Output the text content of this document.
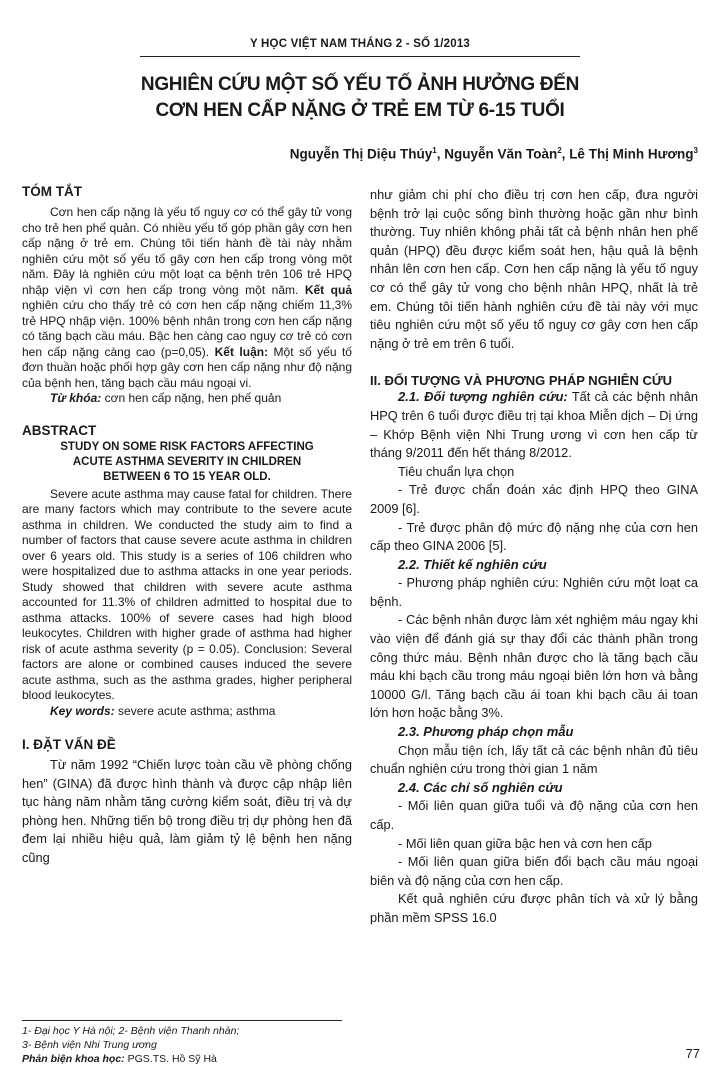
Y HỌC VIỆT NAM THÁNG 2 - SỐ 1/2013
NGHIÊN CỨU MỘT SỐ YẾU TỐ ẢNH HƯỞNG ĐẾN
CƠN HEN CẤP NẶNG Ở TRẺ EM TỪ 6-15 TUỔI
Nguyễn Thị Diệu Thúy$^1$, Nguyễn Văn Toàn$^2$, Lê Thị Minh Hương$^3$

TÓM TẮT

Cơn hen cấp nặng là yếu tố nguy cơ có thể gây tử vong cho trẻ hen phế quản. Có nhiều yếu tố góp phần gây cơn hen cấp nặng ở trẻ em. Chúng tôi tiến hành đề tài này nhằm nghiên cứu một số yếu tố gây cơn hen cấp trong vòng một năm. Đây là nghiên cứu một loạt ca bệnh trên 106 trẻ HPQ nhập viện vì cơn hen cấp trong vòng một năm. Kết quả nghiên cứu cho thấy trẻ có cơn hen cấp nặng chiếm 11,3% trẻ HPQ nhập viện. 100% bệnh nhân trong cơn hen cấp nặng có tăng bạch cầu máu. Bậc hen càng cao nguy cơ trẻ có cơn hen cấp nặng càng cao (p=0,05). Kết luận: Một số yếu tố đơn thuần hoặc phối hợp gây cơn hen cấp nặng như độ nặng của bệnh hen, tăng bạch cầu máu ngoại vi.

Từ khóa: cơn hen cấp nặng, hen phế quản

ABSTRACT

STUDY ON SOME RISK FACTORS AFFECTING
ACUTE ASTHMA SEVERITY IN CHILDREN
BETWEEN 6 TO 15 YEAR OLD.

Severe acute asthma may cause fatal for children. There are many factors which may contribute to the severe acute asthma in children. We conducted the study aim to find a number of factors that cause severe acute asthma in children over 6 years old. This study is a series of 106 children who were hospitalized due to asthma attacks in one year periods. Study showed that children with severe acute asthma accounted for 11.3% of children admitted to hospital due to asthma attacks. 100% of severe cases had high blood leukocytes. Children with higher grade of asthma had higher risk of acute asthma severity (p = 0.05). Conclusion: Several factors are alone or combined causes induced the severe acute asthma, such as the asthma grades, higher peripheral blood leukocytes.

Key words: severe acute asthma; asthma

I. ĐẶT VẤN ĐỀ

Từ năm 1992 “Chiến lược toàn cầu về phòng chống hen” (GINA) đã được hình thành và được cập nhập liên tục hàng năm nhằm tăng cường kiểm soát, điều trị và dự phòng hen. Những tiến bộ trong điều trị dự phòng hen đã đem lại nhiều hiệu quả, làm giảm tỷ lệ bệnh hen nặng cũng

như giảm chi phí cho điều trị cơn hen cấp, đưa người bệnh trở lại cuộc sống bình thường hoặc gần như bình thường. Tuy nhiên không phải tất cả bệnh nhân hen phế quản (HPQ) đều được kiểm soát hen, hậu quả là bệnh nhân lên cơn hen cấp. Cơn hen cấp nặng là yếu tố nguy cơ có thể gây tử vong cho bệnh nhân HPQ, nhất là trẻ em. Chúng tôi tiến hành nghiên cứu đề tài này với mục tiêu nghiên cứu một số yếu tố nguy cơ gây cơn hen cấp nặng ở trẻ em trên 6 tuổi.

II. ĐỐI TƯỢNG VÀ PHƯƠNG PHÁP NGHIÊN CỨU

2.1. Đối tượng nghiên cứu: Tất cả các bệnh nhân HPQ trên 6 tuổi được điều trị tại khoa Miễn dịch – Dị ứng – Khớp Bệnh viện Nhi Trung ương vì cơn hen cấp từ tháng 9/2011 đến hết tháng 8/2012.

Tiêu chuẩn lựa chọn

- Trẻ được chẩn đoán xác định HPQ theo GINA 2009 [6].

- Trẻ được phân độ mức độ nặng nhẹ của cơn hen cấp theo GINA 2006 [5].

2.2. Thiết kế nghiên cứu

- Phương pháp nghiên cứu: Nghiên cứu một loạt ca bệnh.

- Các bệnh nhân được làm xét nghiệm máu ngay khi vào viện để đánh giá sự thay đổi các thành phần trong công thức máu. Bệnh nhân được cho là tăng bạch cầu máu khi bạch cầu trong máu ngoại biên lớn hơn và bằng 10000 G/l. Tăng bạch cầu ái toan khi bạch cầu ái toan lớn hơn hoặc bằng 3%.

2.3. Phương pháp chọn mẫu

Chọn mẫu tiện ích, lấy tất cả các bệnh nhân đủ tiêu chuẩn nghiên cứu trong thời gian 1 năm

2.4. Các chỉ số nghiên cứu

- Mối liên quan giữa tuổi và độ nặng của cơn hen cấp.

- Mối liên quan giữa bậc hen và cơn hen cấp

- Mối liên quan giữa biến đổi bạch cầu máu ngoại biên và độ nặng của cơn hen cấp.

Kết quả nghiên cứu được phân tích và xử lý bằng phần mềm SPSS 16.0

1- Đại học Y Hà nội; 2- Bệnh viện Thanh nhàn;
3- Bệnh viện Nhi Trung ương
Phản biện khoa học: PGS.TS. Hồ Sỹ Hà	77
